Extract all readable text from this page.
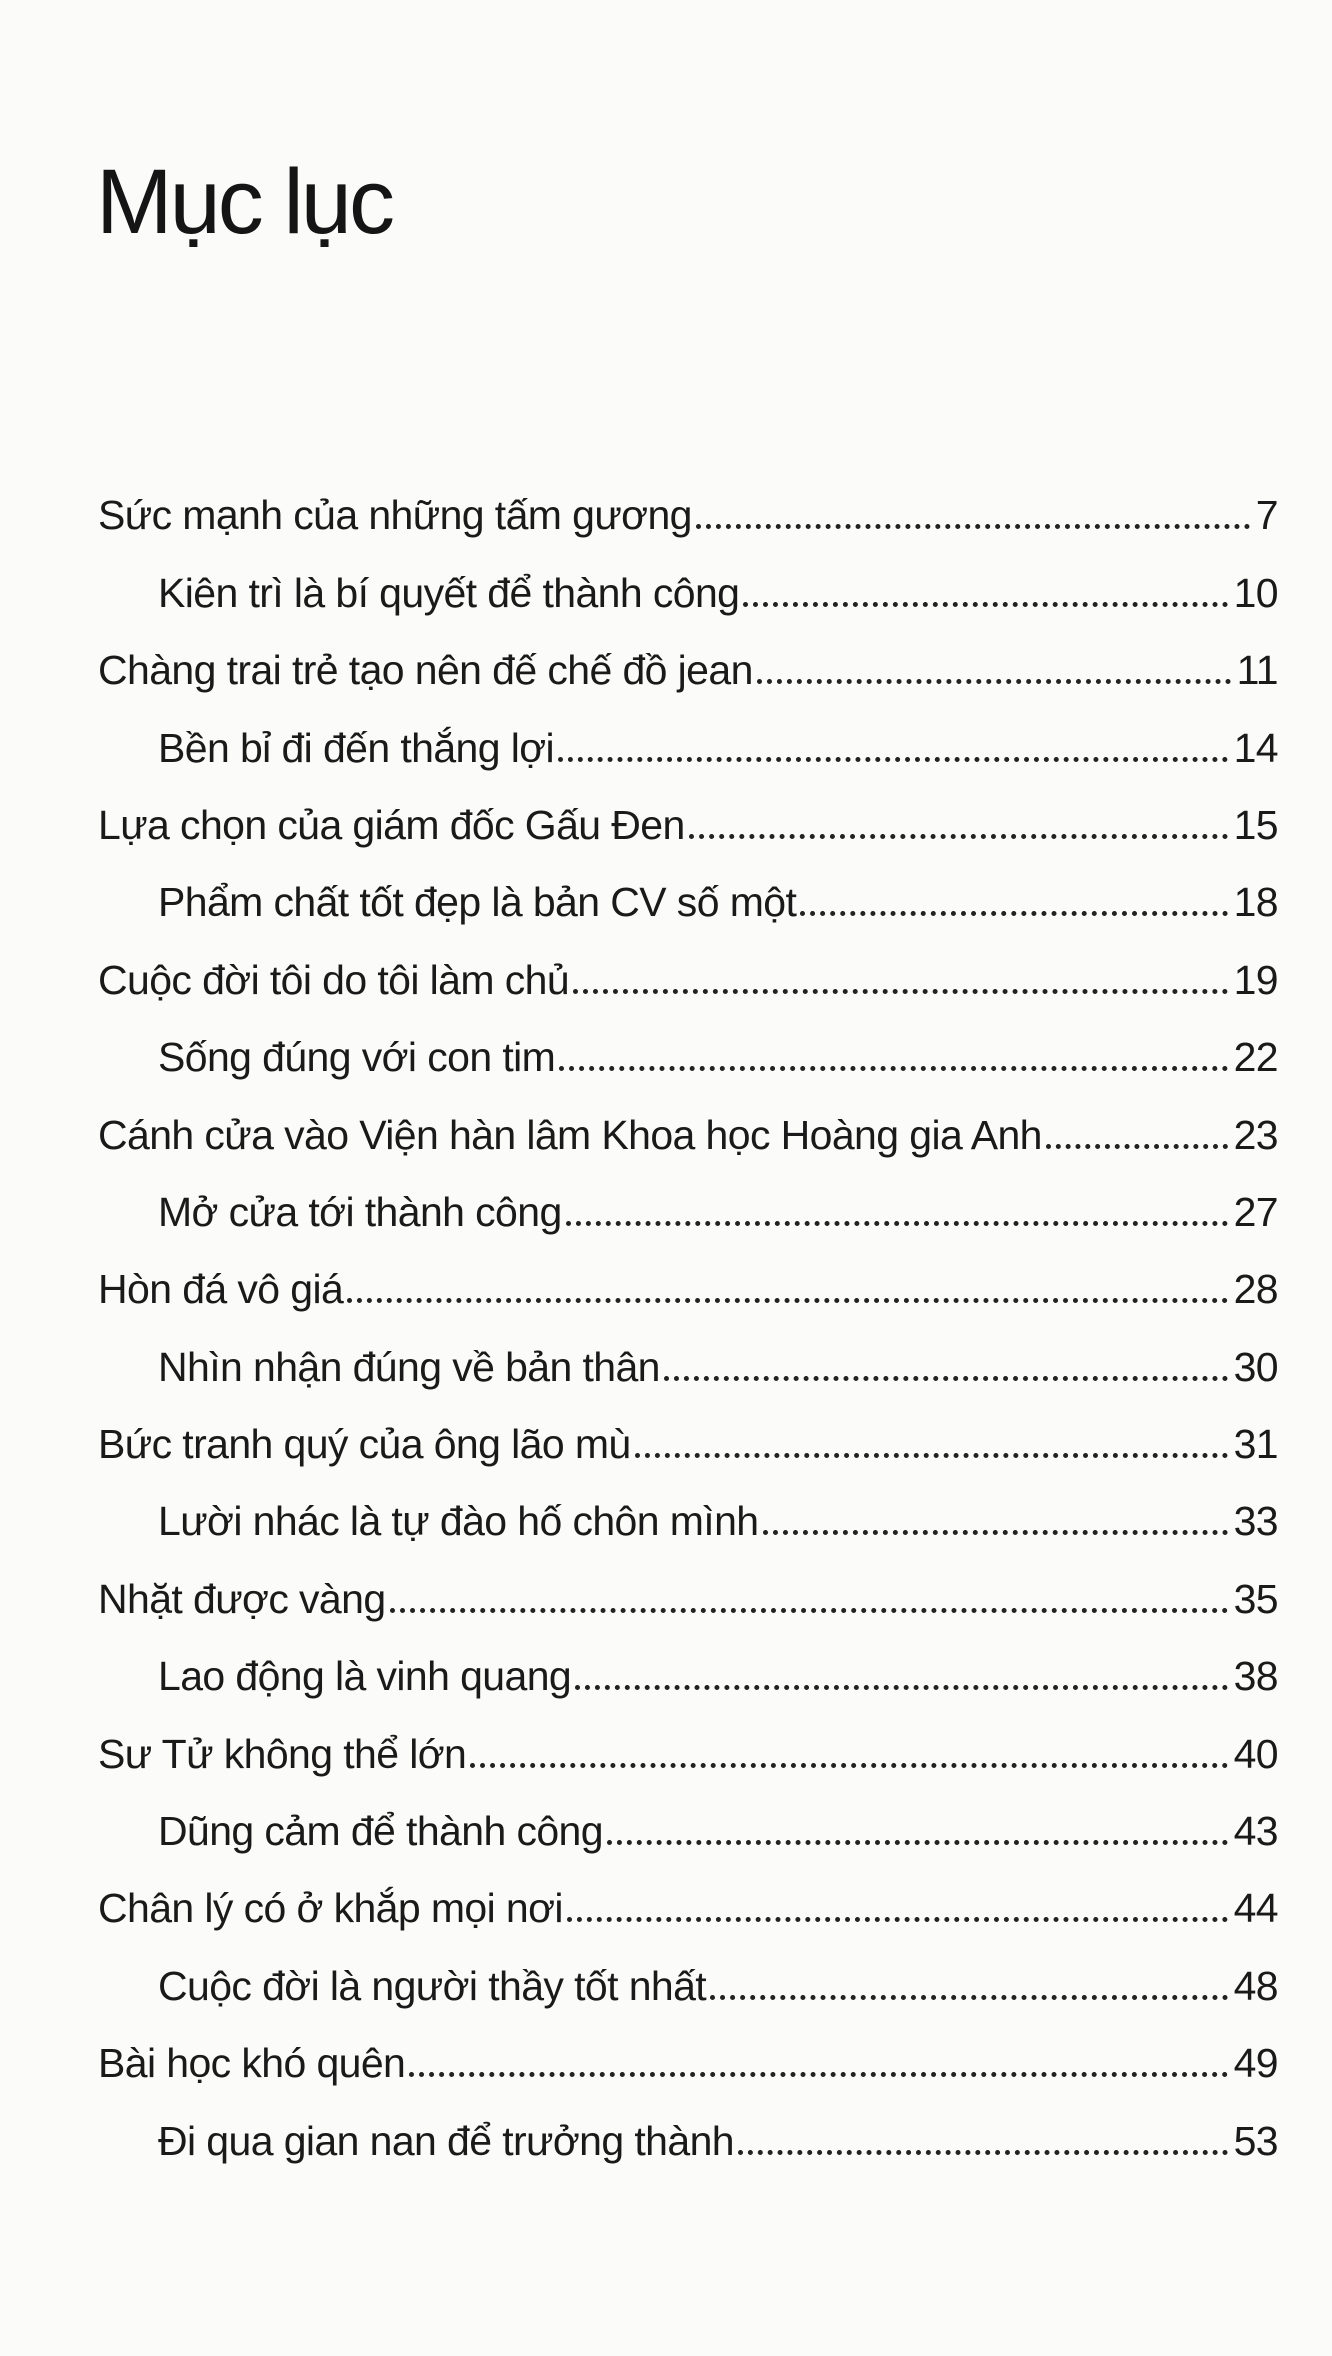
Mục lục
Sức mạnh của những tấm gương	7
Kiên trì là bí quyết để thành công	10
Chàng trai trẻ tạo nên đế chế đồ jean	11
Bền bỉ đi đến thắng lợi	14
Lựa chọn của giám đốc Gấu Đen	15
Phẩm chất tốt đẹp là bản CV số một	18
Cuộc đời tôi do tôi làm chủ	19
Sống đúng với con tim	22
Cánh cửa vào Viện hàn lâm Khoa học Hoàng gia Anh	23
Mở cửa tới thành công	27
Hòn đá vô giá	28
Nhìn nhận đúng về bản thân	30
Bức tranh quý của ông lão mù	31
Lười nhác là tự đào hố chôn mình	33
Nhặt được vàng	35
Lao động là vinh quang	38
Sư Tử không thể lớn	40
Dũng cảm để thành công	43
Chân lý có ở khắp mọi nơi	44
Cuộc đời là người thầy tốt nhất	48
Bài học khó quên	49
Đi qua gian nan để trưởng thành	53
